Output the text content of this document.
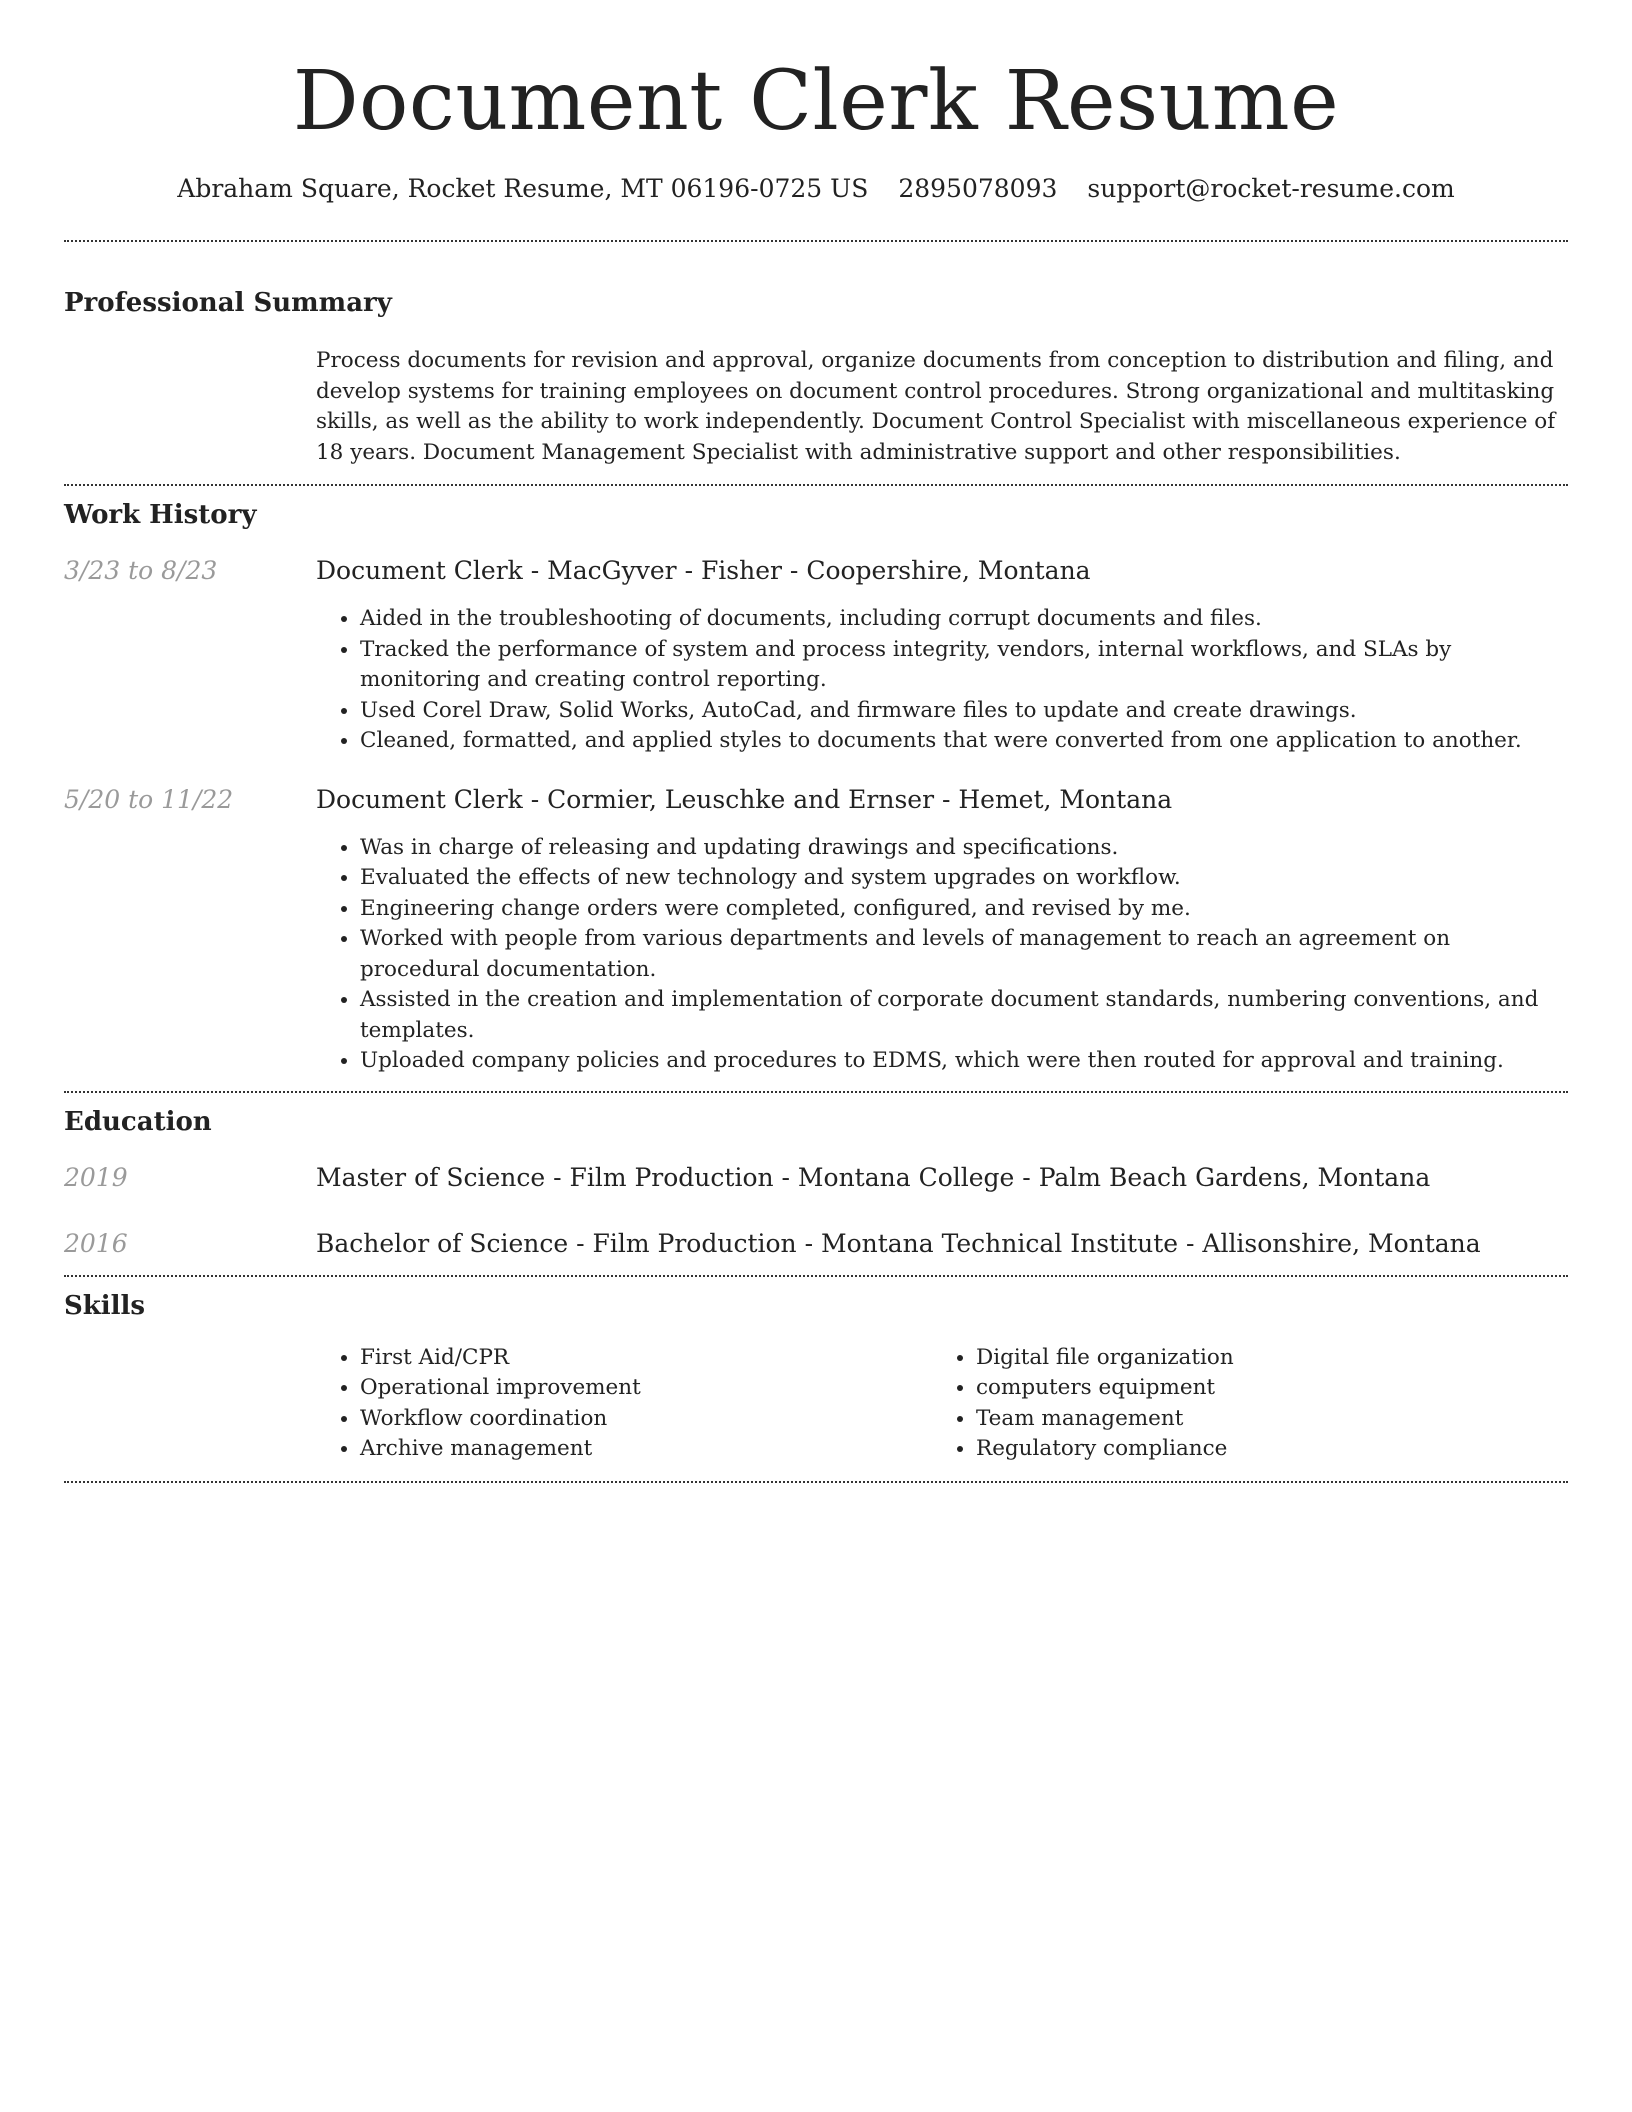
Document Clerk Resume
Abraham Square, Rocket Resume, MT 06196-0725 US 2895078093 support@rocket-resume.com
Professional Summary
Process documents for revision and approval, organize documents from conception to distribution and filing, and develop systems for training employees on document control procedures. Strong organizational and multitasking skills, as well as the ability to work independently. Document Control Specialist with miscellaneous experience of 18 years. Document Management Specialist with administrative support and other responsibilities.
Work History
3/23 to 8/23	Document Clerk - MacGyver - Fisher - Coopershire, Montana
• Aided in the troubleshooting of documents, including corrupt documents and files.
• Tracked the performance of system and process integrity, vendors, internal workflows, and SLAs by monitoring and creating control reporting.
• Used Corel Draw, Solid Works, AutoCad, and firmware files to update and create drawings.
• Cleaned, formatted, and applied styles to documents that were converted from one application to another.
5/20 to 11/22	Document Clerk - Cormier, Leuschke and Ernser - Hemet, Montana
• Was in charge of releasing and updating drawings and specifications.
• Evaluated the effects of new technology and system upgrades on workflow.
• Engineering change orders were completed, configured, and revised by me.
• Worked with people from various departments and levels of management to reach an agreement on procedural documentation.
• Assisted in the creation and implementation of corporate document standards, numbering conventions, and templates.
• Uploaded company policies and procedures to EDMS, which were then routed for approval and training.
Education
2019	Master of Science - Film Production - Montana College - Palm Beach Gardens, Montana
2016	Bachelor of Science - Film Production - Montana Technical Institute - Allisonshire, Montana
Skills
• First Aid/CPR
• Operational improvement
• Workflow coordination
• Archive management
• Digital file organization
• computers equipment
• Team management
• Regulatory compliance
